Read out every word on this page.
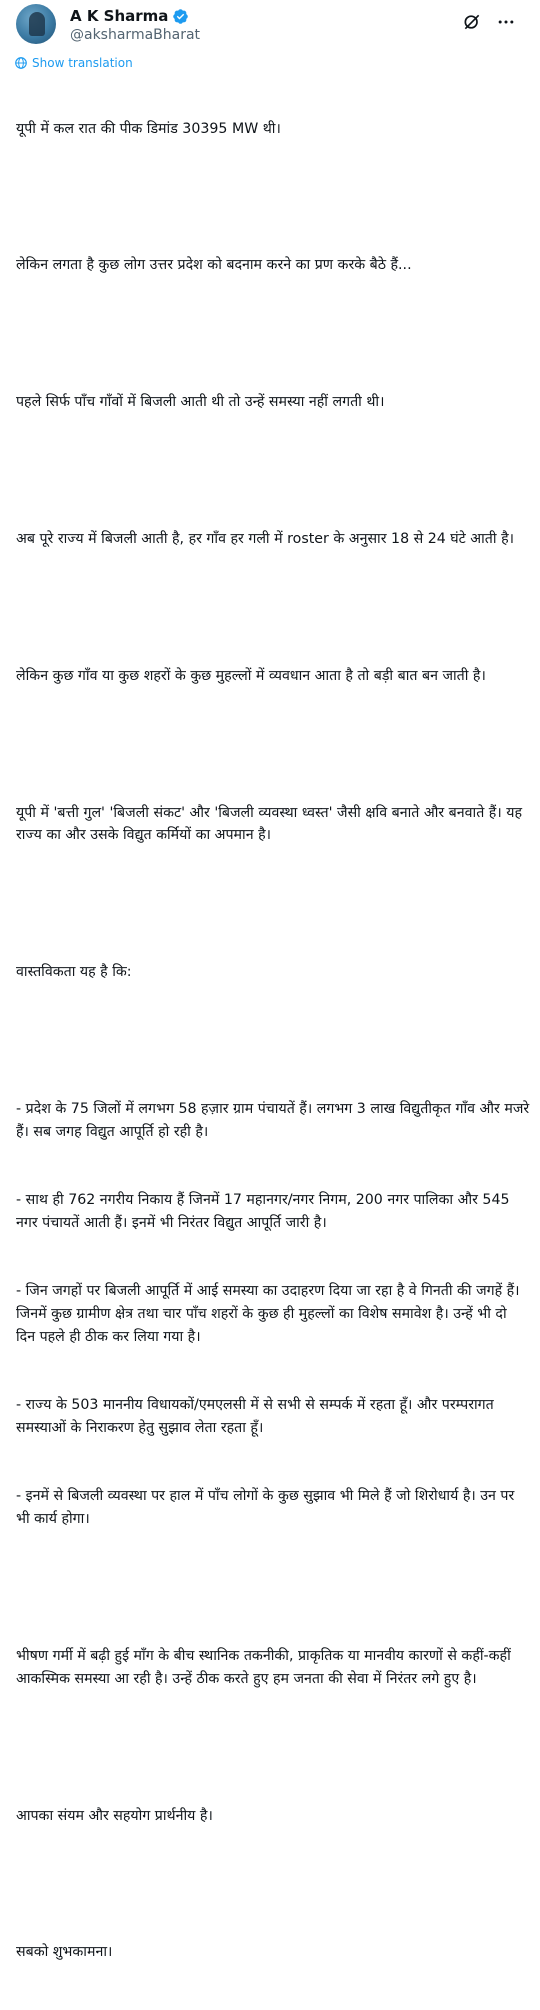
A K Sharma
@aksharmaBharat
Show translation

यूपी में कल रात की पीक डिमांड 30395 MW थी।

लेकिन लगता है कुछ लोग उत्तर प्रदेश को बदनाम करने का प्रण करके बैठे हैं...

पहले सिर्फ पाँच गाँवों में बिजली आती थी तो उन्हें समस्या नहीं लगती थी।

अब पूरे राज्य में बिजली आती है, हर गाँव हर गली में roster के अनुसार 18 से 24 घंटे आती है।

लेकिन कुछ गाँव या कुछ शहरों के कुछ मुहल्लों में व्यवधान आता है तो बड़ी बात बन जाती है।

यूपी में 'बत्ती गुल' 'बिजली संकट' और 'बिजली व्यवस्था ध्वस्त' जैसी क्षवि बनाते और बनवाते हैं। यह राज्य का और उसके विद्युत कर्मियों का अपमान है।

वास्तविकता यह है कि:

- प्रदेश के 75 जिलों में लगभग 58 हज़ार ग्राम पंचायतें हैं। लगभग 3 लाख विद्युतीकृत गाँव और मजरे हैं। सब जगह विद्युत आपूर्ति हो रही है।

- साथ ही 762 नगरीय निकाय हैं जिनमें 17 महानगर/नगर निगम, 200 नगर पालिका और 545 नगर पंचायतें आती हैं। इनमें भी निरंतर विद्युत आपूर्ति जारी है।

- जिन जगहों पर बिजली आपूर्ति में आई समस्या का उदाहरण दिया जा रहा है वे गिनती की जगहें हैं। जिनमें कुछ ग्रामीण क्षेत्र तथा चार पाँच शहरों के कुछ ही मुहल्लों का विशेष समावेश है। उन्हें भी दो दिन पहले ही ठीक कर लिया गया है।

- राज्य के 503 माननीय विधायकों/एमएलसी में से सभी से सम्पर्क में रहता हूँ। और परम्परागत समस्याओं के निराकरण हेतु सुझाव लेता रहता हूँ।

- इनमें से बिजली व्यवस्था पर हाल में पाँच लोगों के कुछ सुझाव भी मिले हैं जो शिरोधार्य है। उन पर भी कार्य होगा।

भीषण गर्मी में बढ़ी हुई माँग के बीच स्थानिक तकनीकी, प्राकृतिक या मानवीय कारणों से कहीं-कहीं आकस्मिक समस्या आ रही है। उन्हें ठीक करते हुए हम जनता की सेवा में निरंतर लगे हुए है।

आपका संयम और सहयोग प्रार्थनीय है।

सबको शुभकामना।
